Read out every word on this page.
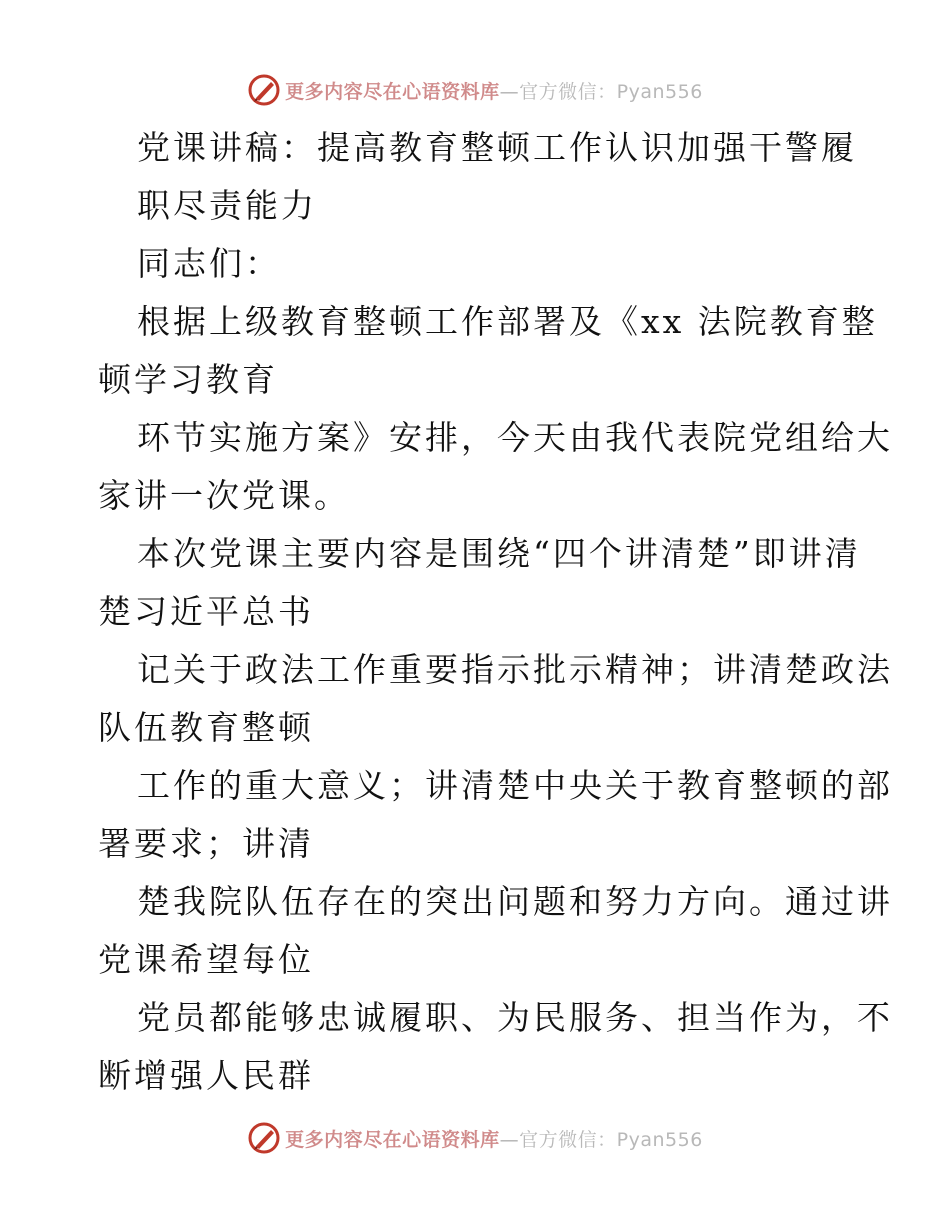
更多内容尽在心语资料库—官方微信：Pyan556
党课讲稿：提高教育整顿工作认识加强干警履
职尽责能力
同志们：
根据上级教育整顿工作部署及《xx 法院教育整
顿学习教育
环节实施方案》安排，今天由我代表院党组给大
家讲一次党课。
本次党课主要内容是围绕“四个讲清楚”即讲清
楚习近平总书
记关于政法工作重要指示批示精神；讲清楚政法
队伍教育整顿
工作的重大意义；讲清楚中央关于教育整顿的部
署要求；讲清
楚我院队伍存在的突出问题和努力方向。通过讲
党课希望每位
党员都能够忠诚履职、为民服务、担当作为，不
断增强人民群
更多内容尽在心语资料库—官方微信：Pyan556
